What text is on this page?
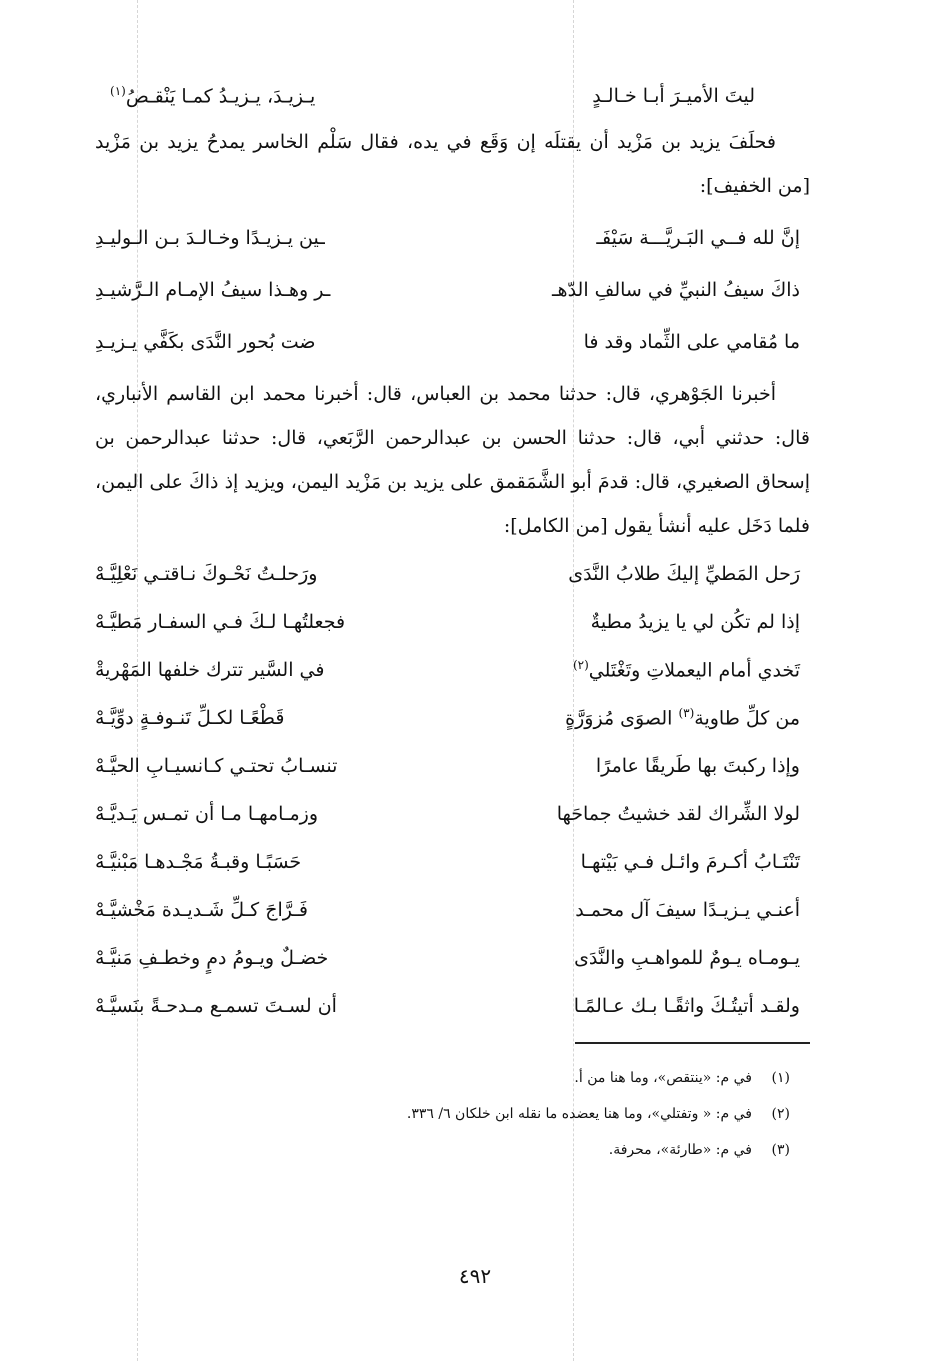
ليتَ الأميـرَ أبـا خـالـدٍ
يـزيـدَ، يـزيـدُ كمـا يَنْقـصُ$^{(١)}$

فحلَفَ يزيد بن مَزْيد أن يقتلَه إن وَقَع في يده، فقال سَلْم الخاسر يمدحُ يزيد بن مَزْيد [من الخفيف]:

إنَّ لله فــي البَـريَّـــة سَيْفَـ
ـين يـزيـدًا وخـالـدَ بـن الـوليـدِ
ذاكَ سيفُ النبيِّ في سالفِ الدّهـ
ـر وهـذا سيفُ الإمـام الـرَّشيـدِ
ما مُقامي على الثِّماد وقد فا
ضت بُحور النَّدَى بكَفَّي يـزيـدِ

أخبرنا الجَوْهري، قال: حدثنا محمد بن العباس، قال: أخبرنا محمد ابن القاسم الأنباري، قال: حدثني أبي، قال: حدثنا الحسن بن عبدالرحمن الرَّبَعي، قال: حدثنا عبدالرحمن بن إسحاق الصغيري، قال: قدمَ أبو الشَّمَقمق على يزيد بن مَزْيد اليمن، ويزيد إذ ذاكَ على اليمن، فلما دَخَل عليه أنشأ يقول [من الكامل]:

رَحل المَطيِّ إليكَ طلابُ النَّدَى
ورَحلـتُ نَحْـوكَ نـاقتـي نَعْلِيَّـهْ
إذا لم تكُن لي يا يزيدُ مطيةٌ
فجعلتُهـا لـكَ فـي السفـار مَطيَّـهْ
تَخدي أمام اليعملاتِ وتَغْتَلي$^{(٢)}$
في السَّير تترك خلفها المَهْريةْ
من كلِّ طاوية$^{(٣)}$ الصوَى مُزوَرَّةٍ
قَطْعًـا لكـلِّ تَنـوفـةٍ دوِّيَّـهْ
وإذا ركبتَ بها طَريقًا عامرًا
تنسـابُ تحتـي كـانسيـابِ الحيَّـهْ
لولا الشِّراك لقد خشيتُ جماحَها
وزمـامهـا مـا أن تمـس يَـديَّـهْ
تَنْتَـابُ أكـرمَ وائـل فـي بَيْتهـا
حَسَبًـا وقبـةُ مَجْـدهـا مَبْنيَّـهْ
أعنـي يـزيـدًا سيفَ آل محمـد
فَـرَّاجَ كـلِّ شَـديـدة مَخْشيَّـهْ
يـومـاه يـومٌ للمواهـبِ والنَّدَى
خضـلٌ ويـومُ دمٍ وخطـفِ مَنيَّـهْ
ولقـد أتيتُـكَ واثقًـا بـك عـالمًـا
أن لسـتَ تسمـع مـدحـةً بنَسيَّـهْ
(١)
في م: «ينتقص»، وما هنا من أ.
(٢)
في م: « وتفتلي»، وما هنا يعضده ما نقله ابن خلكان ٦/ ٣٣٦.
(٣)
في م: «طارئة»، محرفة.
٤٩٢
